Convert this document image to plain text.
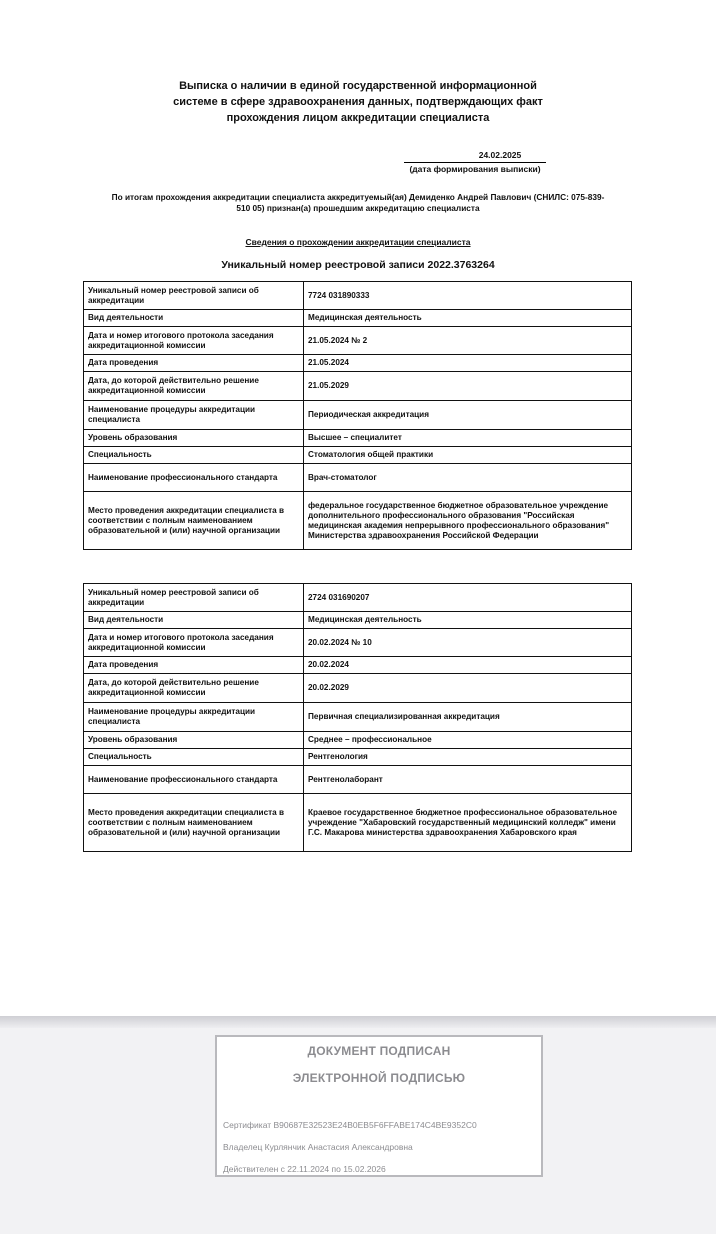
Выписка о наличии в единой государственной информационной
системе в сфере здравоохранения данных, подтверждающих факт
прохождения лицом аккредитации специалиста
24.02.2025
(дата формирования выписки)
По итогам прохождения аккредитации специалиста аккредитуемый(ая) Демиденко Андрей Павлович (СНИЛС: 075-839-
510 05) признан(а) прошедшим аккредитацию специалиста
Сведения о прохождении аккредитации специалиста
Уникальный номер реестровой записи 2022.3763264
Уникальный номер реестровой записи об аккредитации	7724 031890333
Вид деятельности	Медицинская деятельность
Дата и номер итогового протокола заседания аккредитационной комиссии	21.05.2024 № 2
Дата проведения	21.05.2024
Дата, до которой действительно решение аккредитационной комиссии	21.05.2029
Наименование процедуры аккредитации специалиста	Периодическая аккредитация
Уровень образования	Высшее – специалитет
Специальность	Стоматология общей практики
Наименование профессионального стандарта	Врач-стоматолог
Место проведения аккредитации специалиста в соответствии с полным наименованием образовательной и (или) научной организации	федеральное государственное бюджетное образовательное учреждение дополнительного профессионального образования "Российская медицинская академия непрерывного профессионального образования" Министерства здравоохранения Российской Федерации
Уникальный номер реестровой записи об аккредитации	2724 031690207
Вид деятельности	Медицинская деятельность
Дата и номер итогового протокола заседания аккредитационной комиссии	20.02.2024 № 10
Дата проведения	20.02.2024
Дата, до которой действительно решение аккредитационной комиссии	20.02.2029
Наименование процедуры аккредитации специалиста	Первичная специализированная аккредитация
Уровень образования	Среднее – профессиональное
Специальность	Рентгенология
Наименование профессионального стандарта	Рентгенолаборант
Место проведения аккредитации специалиста в соответствии с полным наименованием образовательной и (или) научной организации	Краевое государственное бюджетное профессиональное образовательное учреждение "Хабаровский государственный медицинский колледж" имени Г.С. Макарова министерства здравоохранения Хабаровского края
ДОКУМЕНТ ПОДПИСАН
ЭЛЕКТРОННОЙ ПОДПИСЬЮ
Сертификат B90687E32523E24B0EB5F6FFABE174C4BE9352C0
Владелец Курлянчик Анастасия Александровна
Действителен с 22.11.2024 по 15.02.2026
